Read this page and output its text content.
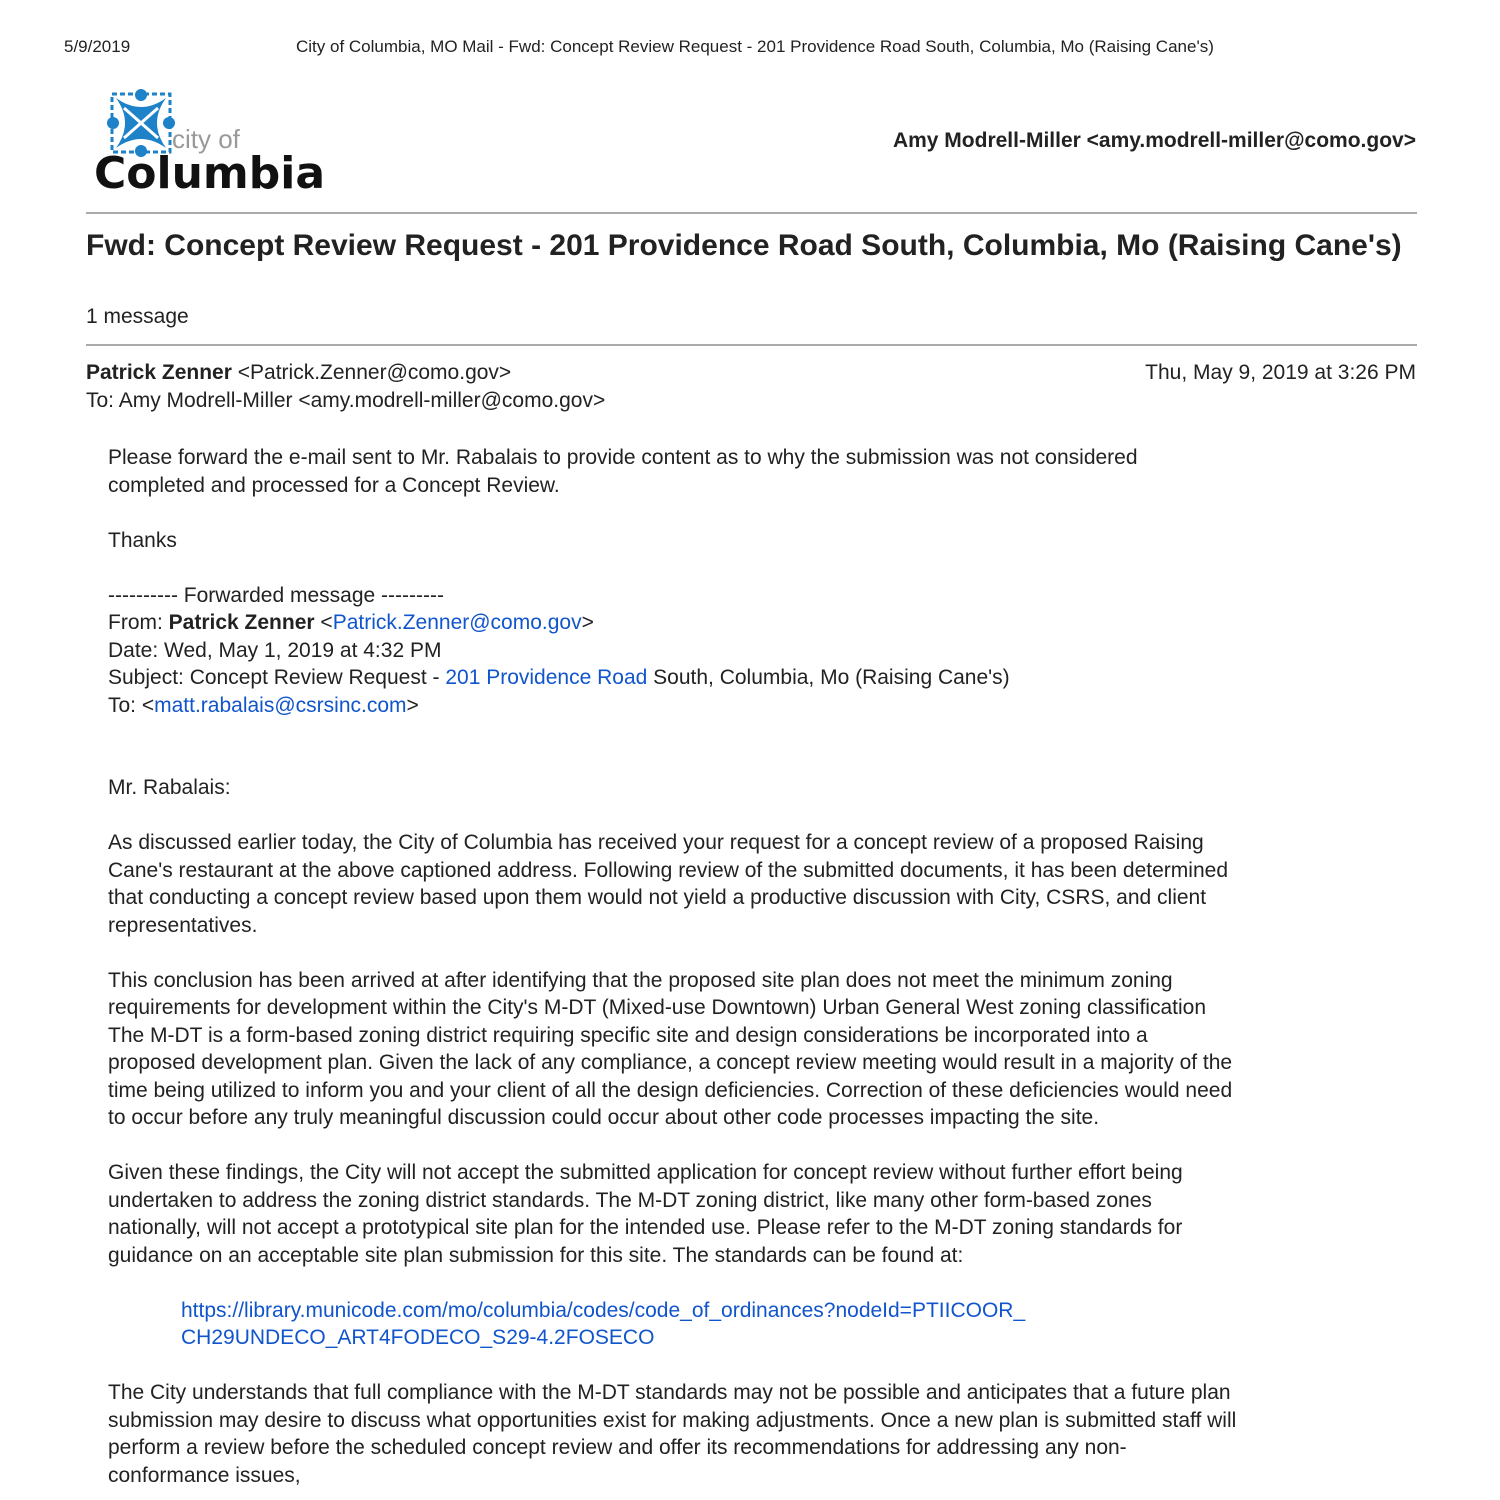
5/9/2019	City of Columbia, MO Mail - Fwd: Concept Review Request - 201 Providence Road South, Columbia, Mo (Raising Cane's)
city of
Columbia
Amy Modrell-Miller <amy.modrell-miller@como.gov>
Fwd: Concept Review Request - 201 Providence Road South, Columbia, Mo (Raising Cane's)
1 message
Patrick Zenner <Patrick.Zenner@como.gov>	Thu, May 9, 2019 at 3:26 PM
To: Amy Modrell-Miller <amy.modrell-miller@como.gov>
Please forward the e-mail sent to Mr. Rabalais to provide content as to why the submission was not considered
completed and processed for a Concept Review.
Thanks
---------- Forwarded message ---------
From: Patrick Zenner <Patrick.Zenner@como.gov>
Date: Wed, May 1, 2019 at 4:32 PM
Subject: Concept Review Request - 201 Providence Road South, Columbia, Mo (Raising Cane's)
To: <matt.rabalais@csrsinc.com>
Mr. Rabalais:
As discussed earlier today, the City of Columbia has received your request for a concept review of a proposed Raising
Cane's restaurant at the above captioned address. Following review of the submitted documents, it has been determined
that conducting a concept review based upon them would not yield a productive discussion with City, CSRS, and client
representatives.
This conclusion has been arrived at after identifying that the proposed site plan does not meet the minimum zoning
requirements for development within the City's M-DT (Mixed-use Downtown) Urban General West zoning classification
The M-DT is a form-based zoning district requiring specific site and design considerations be incorporated into a
proposed development plan. Given the lack of any compliance, a concept review meeting would result in a majority of the
time being utilized to inform you and your client of all the design deficiencies. Correction of these deficiencies would need
to occur before any truly meaningful discussion could occur about other code processes impacting the site.
Given these findings, the City will not accept the submitted application for concept review without further effort being
undertaken to address the zoning district standards. The M-DT zoning district, like many other form-based zones
nationally, will not accept a prototypical site plan for the intended use. Please refer to the M-DT zoning standards for
guidance on an acceptable site plan submission for this site. The standards can be found at:
https://library.municode.com/mo/columbia/codes/code_of_ordinances?nodeId=PTIICOOR_
CH29UNDECO_ART4FODECO_S29-4.2FOSECO
The City understands that full compliance with the M-DT standards may not be possible and anticipates that a future plan
submission may desire to discuss what opportunities exist for making adjustments. Once a new plan is submitted staff will
perform a review before the scheduled concept review and offer its recommendations for addressing any non-
conformance issues,
